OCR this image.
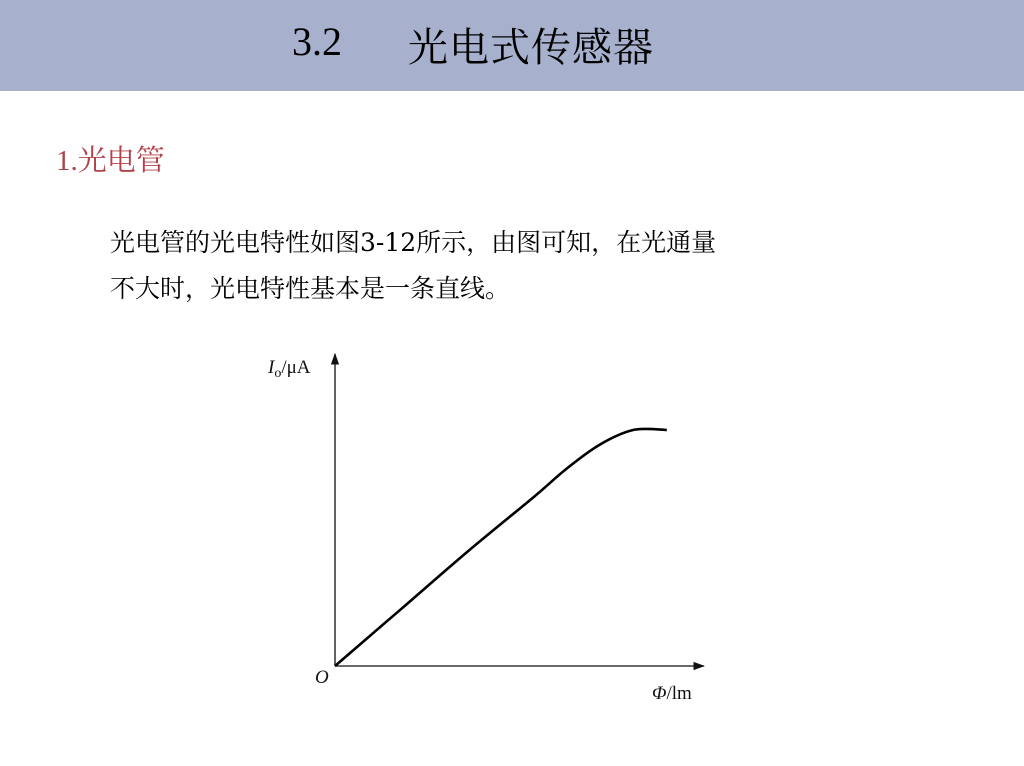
3.2 光电式传感器
1.光电管
光电管的光电特性如图3-12所示，由图可知，在光通量
不大时，光电特性基本是一条直线。
$I_o/\mu A$
O
Φ/lm
